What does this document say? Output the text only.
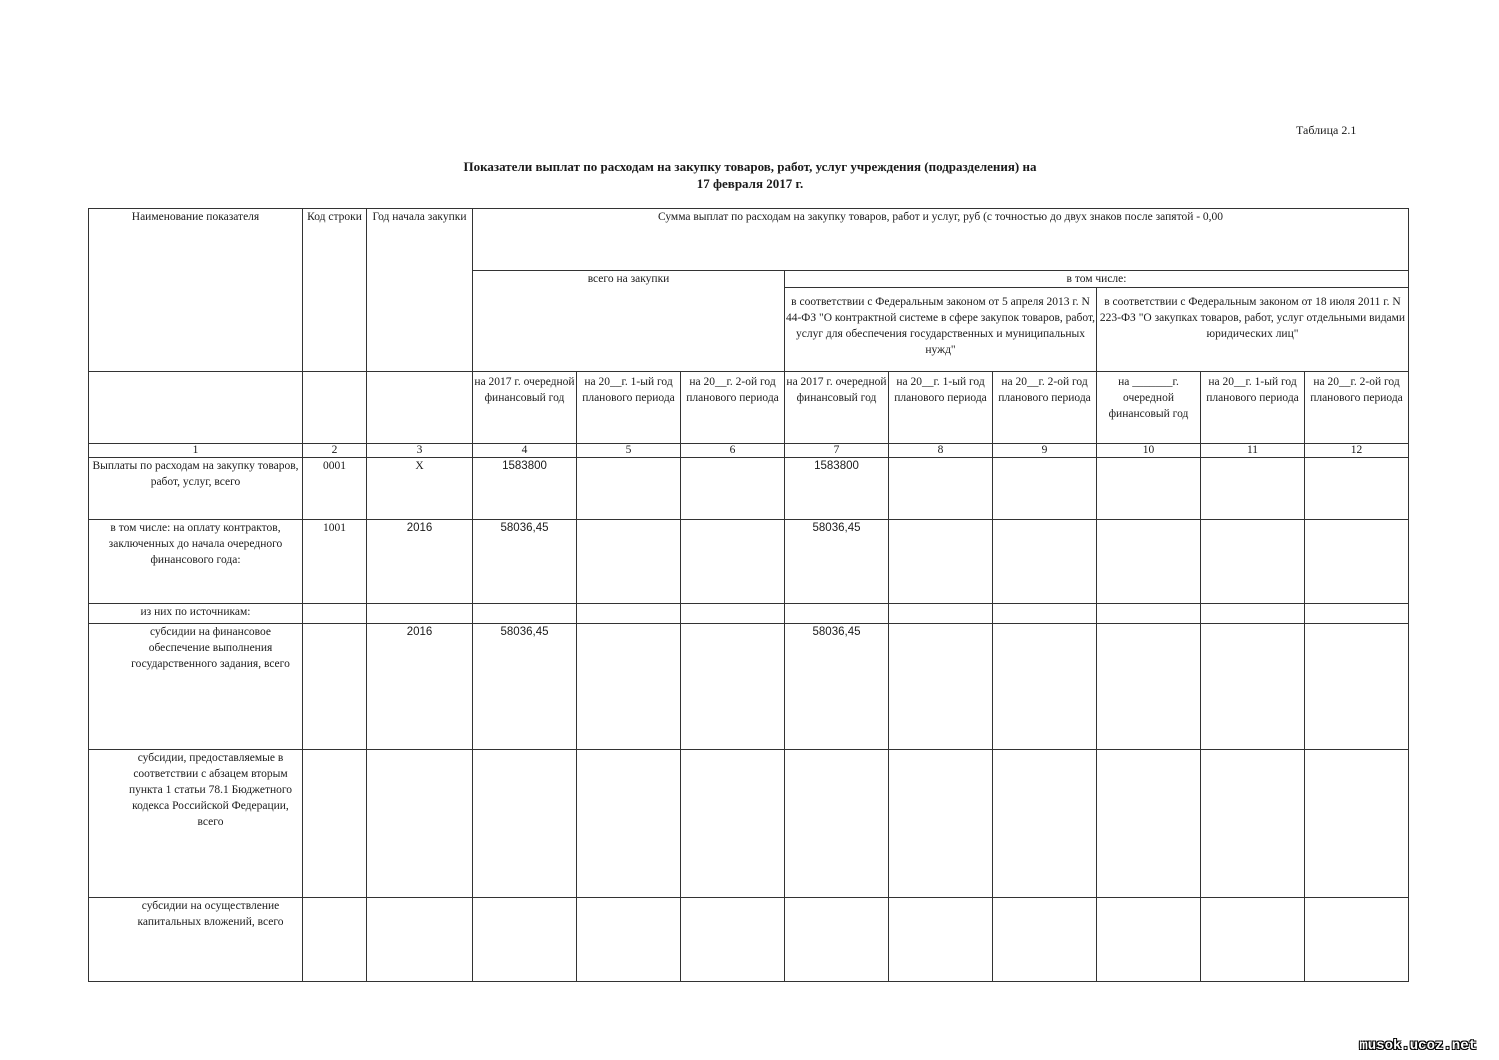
Таблица 2.1
Показатели выплат по расходам на закупку товаров, работ, услуг учреждения (подразделения) на
17 февраля 2017 г.
Наименование показателя	Код строки	Год начала закупки	Сумма выплат по расходам на закупку товаров, работ и услуг, руб (с точностью до двух знаков после запятой - 0,00								
			всего на закупки			в том числе:					
						в соответствии с Федеральным законом от 5 апреля 2013 г. N 44-ФЗ "О контрактной системе в сфере закупок товаров, работ, услуг для обеспечения государственных и муниципальных нужд"			в соответствии с Федеральным законом от 18 июля 2011 г. N 223-ФЗ "О закупках товаров, работ, услуг отдельными видами юридических лиц"		
			на 2017 г. очередной финансовый год	на 20__г. 1-ый год планового периода	на 20__г. 2-ой год планового периода	на 2017 г. очередной финансовый год	на 20__г. 1-ый год планового периода	на 20__г. 2-ой год планового периода	на _______г. очередной финансовый год	на 20__г. 1-ый год планового периода	на 20__г. 2-ой год планового периода
1	2	3	4	5	6	7	8	9	10	11	12
Выплаты по расходам на закупку товаров, работ, услуг, всего	0001	X	1583800			1583800					
в том числе: на оплату контрактов, заключенных до начала очередного финансового года:	1001	2016	58036,45			58036,45					
из них по источникам:											
субсидии на финансовое обеспечение выполнения государственного задания, всего		2016	58036,45			58036,45					
субсидии, предоставляемые в соответствии с абзацем вторым пункта 1 статьи 78.1 Бюджетного кодекса Российской Федерации, всего											
субсидии на осуществление капитальных вложений, всего											
musok.ucoz.net
